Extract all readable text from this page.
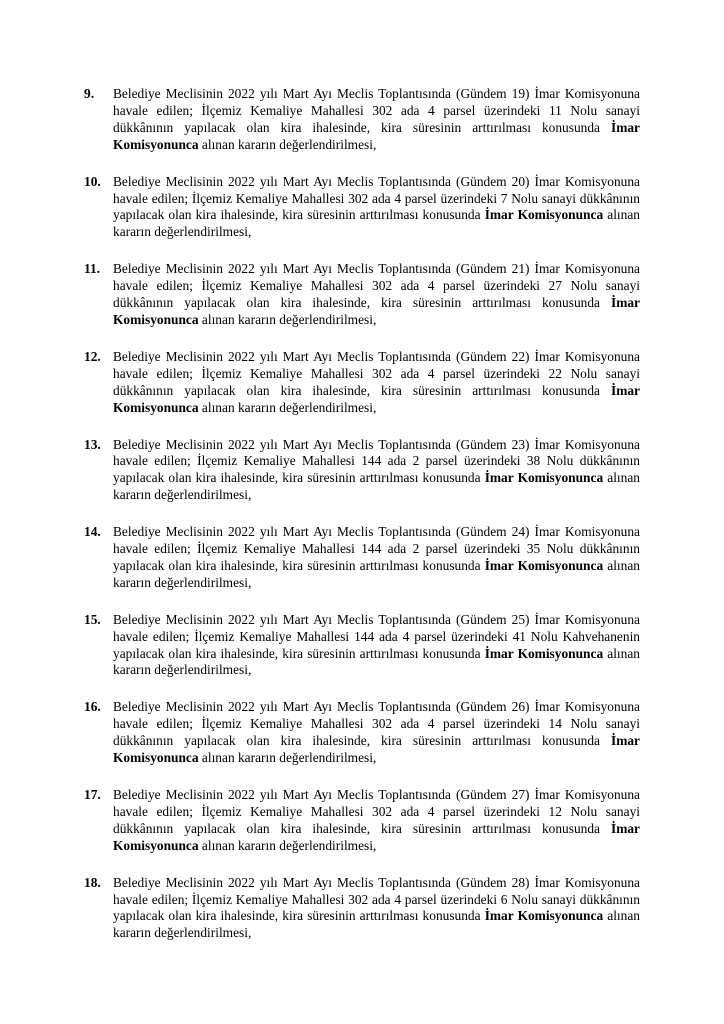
9. Belediye Meclisinin 2022 yılı Mart Ayı Meclis Toplantısında (Gündem 19) İmar Komisyonuna havale edilen; İlçemiz Kemaliye Mahallesi 302 ada 4 parsel üzerindeki 11 Nolu sanayi dükkânının yapılacak olan kira ihalesinde, kira süresinin arttırılması konusunda İmar Komisyonunca alınan kararın değerlendirilmesi,
10. Belediye Meclisinin 2022 yılı Mart Ayı Meclis Toplantısında (Gündem 20) İmar Komisyonuna havale edilen; İlçemiz Kemaliye Mahallesi 302 ada 4 parsel üzerindeki 7 Nolu sanayi dükkânının yapılacak olan kira ihalesinde, kira süresinin arttırılması konusunda İmar Komisyonunca alınan kararın değerlendirilmesi,
11. Belediye Meclisinin 2022 yılı Mart Ayı Meclis Toplantısında (Gündem 21) İmar Komisyonuna havale edilen; İlçemiz Kemaliye Mahallesi 302 ada 4 parsel üzerindeki 27 Nolu sanayi dükkânının yapılacak olan kira ihalesinde, kira süresinin arttırılması konusunda İmar Komisyonunca alınan kararın değerlendirilmesi,
12. Belediye Meclisinin 2022 yılı Mart Ayı Meclis Toplantısında (Gündem 22) İmar Komisyonuna havale edilen; İlçemiz Kemaliye Mahallesi 302 ada 4 parsel üzerindeki 22 Nolu sanayi dükkânının yapılacak olan kira ihalesinde, kira süresinin arttırılması konusunda İmar Komisyonunca alınan kararın değerlendirilmesi,
13. Belediye Meclisinin 2022 yılı Mart Ayı Meclis Toplantısında (Gündem 23) İmar Komisyonuna havale edilen; İlçemiz Kemaliye Mahallesi 144 ada 2 parsel üzerindeki 38 Nolu dükkânının yapılacak olan kira ihalesinde, kira süresinin arttırılması konusunda İmar Komisyonunca alınan kararın değerlendirilmesi,
14. Belediye Meclisinin 2022 yılı Mart Ayı Meclis Toplantısında (Gündem 24) İmar Komisyonuna havale edilen; İlçemiz Kemaliye Mahallesi 144 ada 2 parsel üzerindeki 35 Nolu dükkânının yapılacak olan kira ihalesinde, kira süresinin arttırılması konusunda İmar Komisyonunca alınan kararın değerlendirilmesi,
15. Belediye Meclisinin 2022 yılı Mart Ayı Meclis Toplantısında (Gündem 25) İmar Komisyonuna havale edilen; İlçemiz Kemaliye Mahallesi 144 ada 4 parsel üzerindeki 41 Nolu Kahvehanenin yapılacak olan kira ihalesinde, kira süresinin arttırılması konusunda İmar Komisyonunca alınan kararın değerlendirilmesi,
16. Belediye Meclisinin 2022 yılı Mart Ayı Meclis Toplantısında (Gündem 26) İmar Komisyonuna havale edilen; İlçemiz Kemaliye Mahallesi 302 ada 4 parsel üzerindeki 14 Nolu sanayi dükkânının yapılacak olan kira ihalesinde, kira süresinin arttırılması konusunda İmar Komisyonunca alınan kararın değerlendirilmesi,
17. Belediye Meclisinin 2022 yılı Mart Ayı Meclis Toplantısında (Gündem 27) İmar Komisyonuna havale edilen; İlçemiz Kemaliye Mahallesi 302 ada 4 parsel üzerindeki 12 Nolu sanayi dükkânının yapılacak olan kira ihalesinde, kira süresinin arttırılması konusunda İmar Komisyonunca alınan kararın değerlendirilmesi,
18. Belediye Meclisinin 2022 yılı Mart Ayı Meclis Toplantısında (Gündem 28) İmar Komisyonuna havale edilen; İlçemiz Kemaliye Mahallesi 302 ada 4 parsel üzerindeki 6 Nolu sanayi dükkânının yapılacak olan kira ihalesinde, kira süresinin arttırılması konusunda İmar Komisyonunca alınan kararın değerlendirilmesi,
